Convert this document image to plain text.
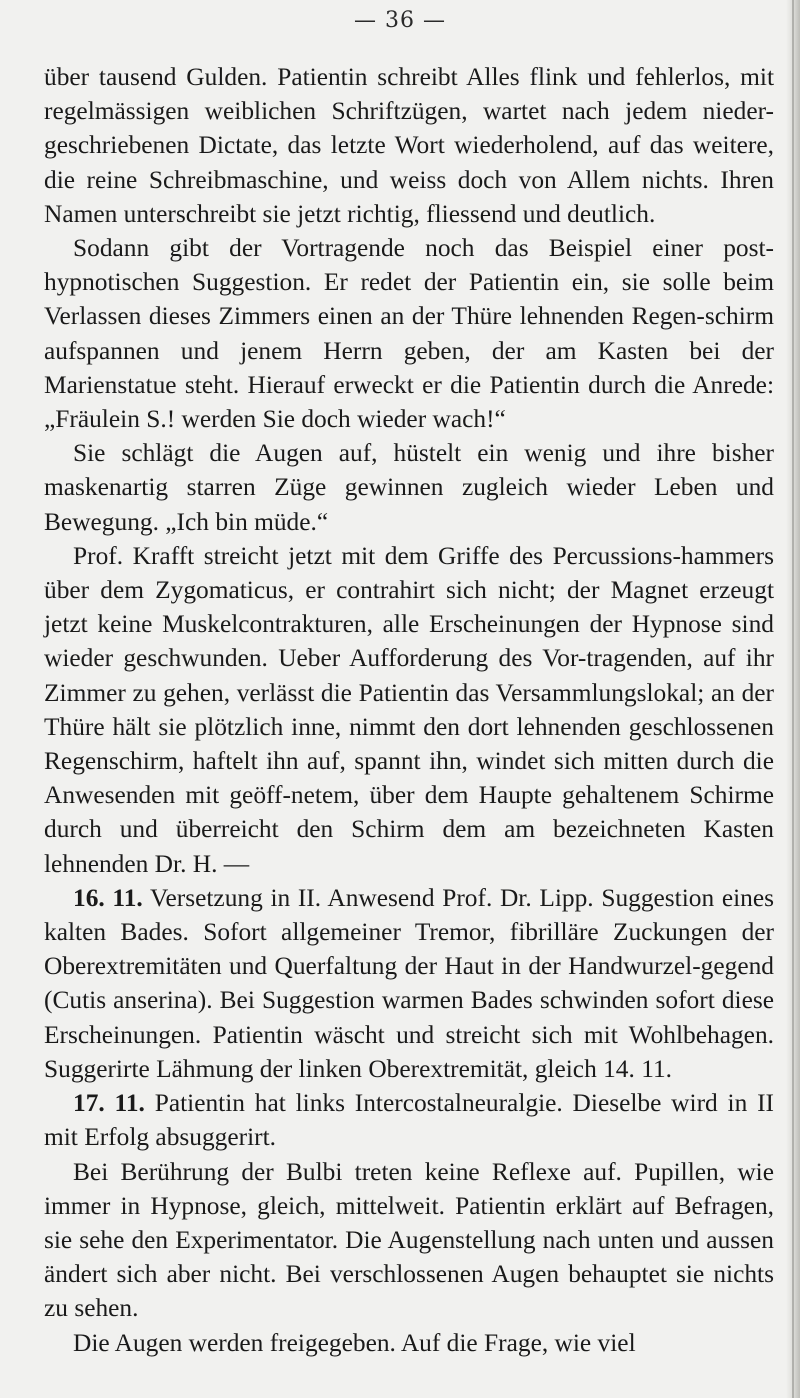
— 36 —

über tausend Gulden. Patientin schreibt Alles flink und fehlerlos, mit regelmässigen weiblichen Schriftzügen, wartet nach jedem nieder-geschriebenen Dictate, das letzte Wort wiederholend, auf das weitere, die reine Schreibmaschine, und weiss doch von Allem nichts. Ihren Namen unterschreibt sie jetzt richtig, fliessend und deutlich.

Sodann gibt der Vortragende noch das Beispiel einer post-hypnotischen Suggestion. Er redet der Patientin ein, sie solle beim Verlassen dieses Zimmers einen an der Thüre lehnenden Regen-schirm aufspannen und jenem Herrn geben, der am Kasten bei der Marienstatue steht. Hierauf erweckt er die Patientin durch die Anrede: „Fräulein S.! werden Sie doch wieder wach!“

Sie schlägt die Augen auf, hüstelt ein wenig und ihre bisher maskenartig starren Züge gewinnen zugleich wieder Leben und Bewegung. „Ich bin müde.“

Prof. Krafft streicht jetzt mit dem Griffe des Percussions-hammers über dem Zygomaticus, er contrahirt sich nicht; der Magnet erzeugt jetzt keine Muskelcontrakturen, alle Erscheinungen der Hypnose sind wieder geschwunden. Ueber Aufforderung des Vor-tragenden, auf ihr Zimmer zu gehen, verlässt die Patientin das Versammlungslokal; an der Thüre hält sie plötzlich inne, nimmt den dort lehnenden geschlossenen Regenschirm, haftelt ihn auf, spannt ihn, windet sich mitten durch die Anwesenden mit geöff-netem, über dem Haupte gehaltenem Schirme durch und überreicht den Schirm dem am bezeichneten Kasten lehnenden Dr. H. —

16. 11. Versetzung in II. Anwesend Prof. Dr. Lipp. Suggestion eines kalten Bades. Sofort allgemeiner Tremor, fibrilläre Zuckungen der Oberextremitäten und Querfaltung der Haut in der Handwurzel-gegend (Cutis anserina). Bei Suggestion warmen Bades schwinden sofort diese Erscheinungen. Patientin wäscht und streicht sich mit Wohlbehagen. Suggerirte Lähmung der linken Oberextremität, gleich 14. 11.

17. 11. Patientin hat links Intercostalneuralgie. Dieselbe wird in II mit Erfolg absuggerirt.

Bei Berührung der Bulbi treten keine Reflexe auf. Pupillen, wie immer in Hypnose, gleich, mittelweit. Patientin erklärt auf Befragen, sie sehe den Experimentator. Die Augenstellung nach unten und aussen ändert sich aber nicht. Bei verschlossenen Augen behauptet sie nichts zu sehen.

Die Augen werden freigegeben. Auf die Frage, wie viel
